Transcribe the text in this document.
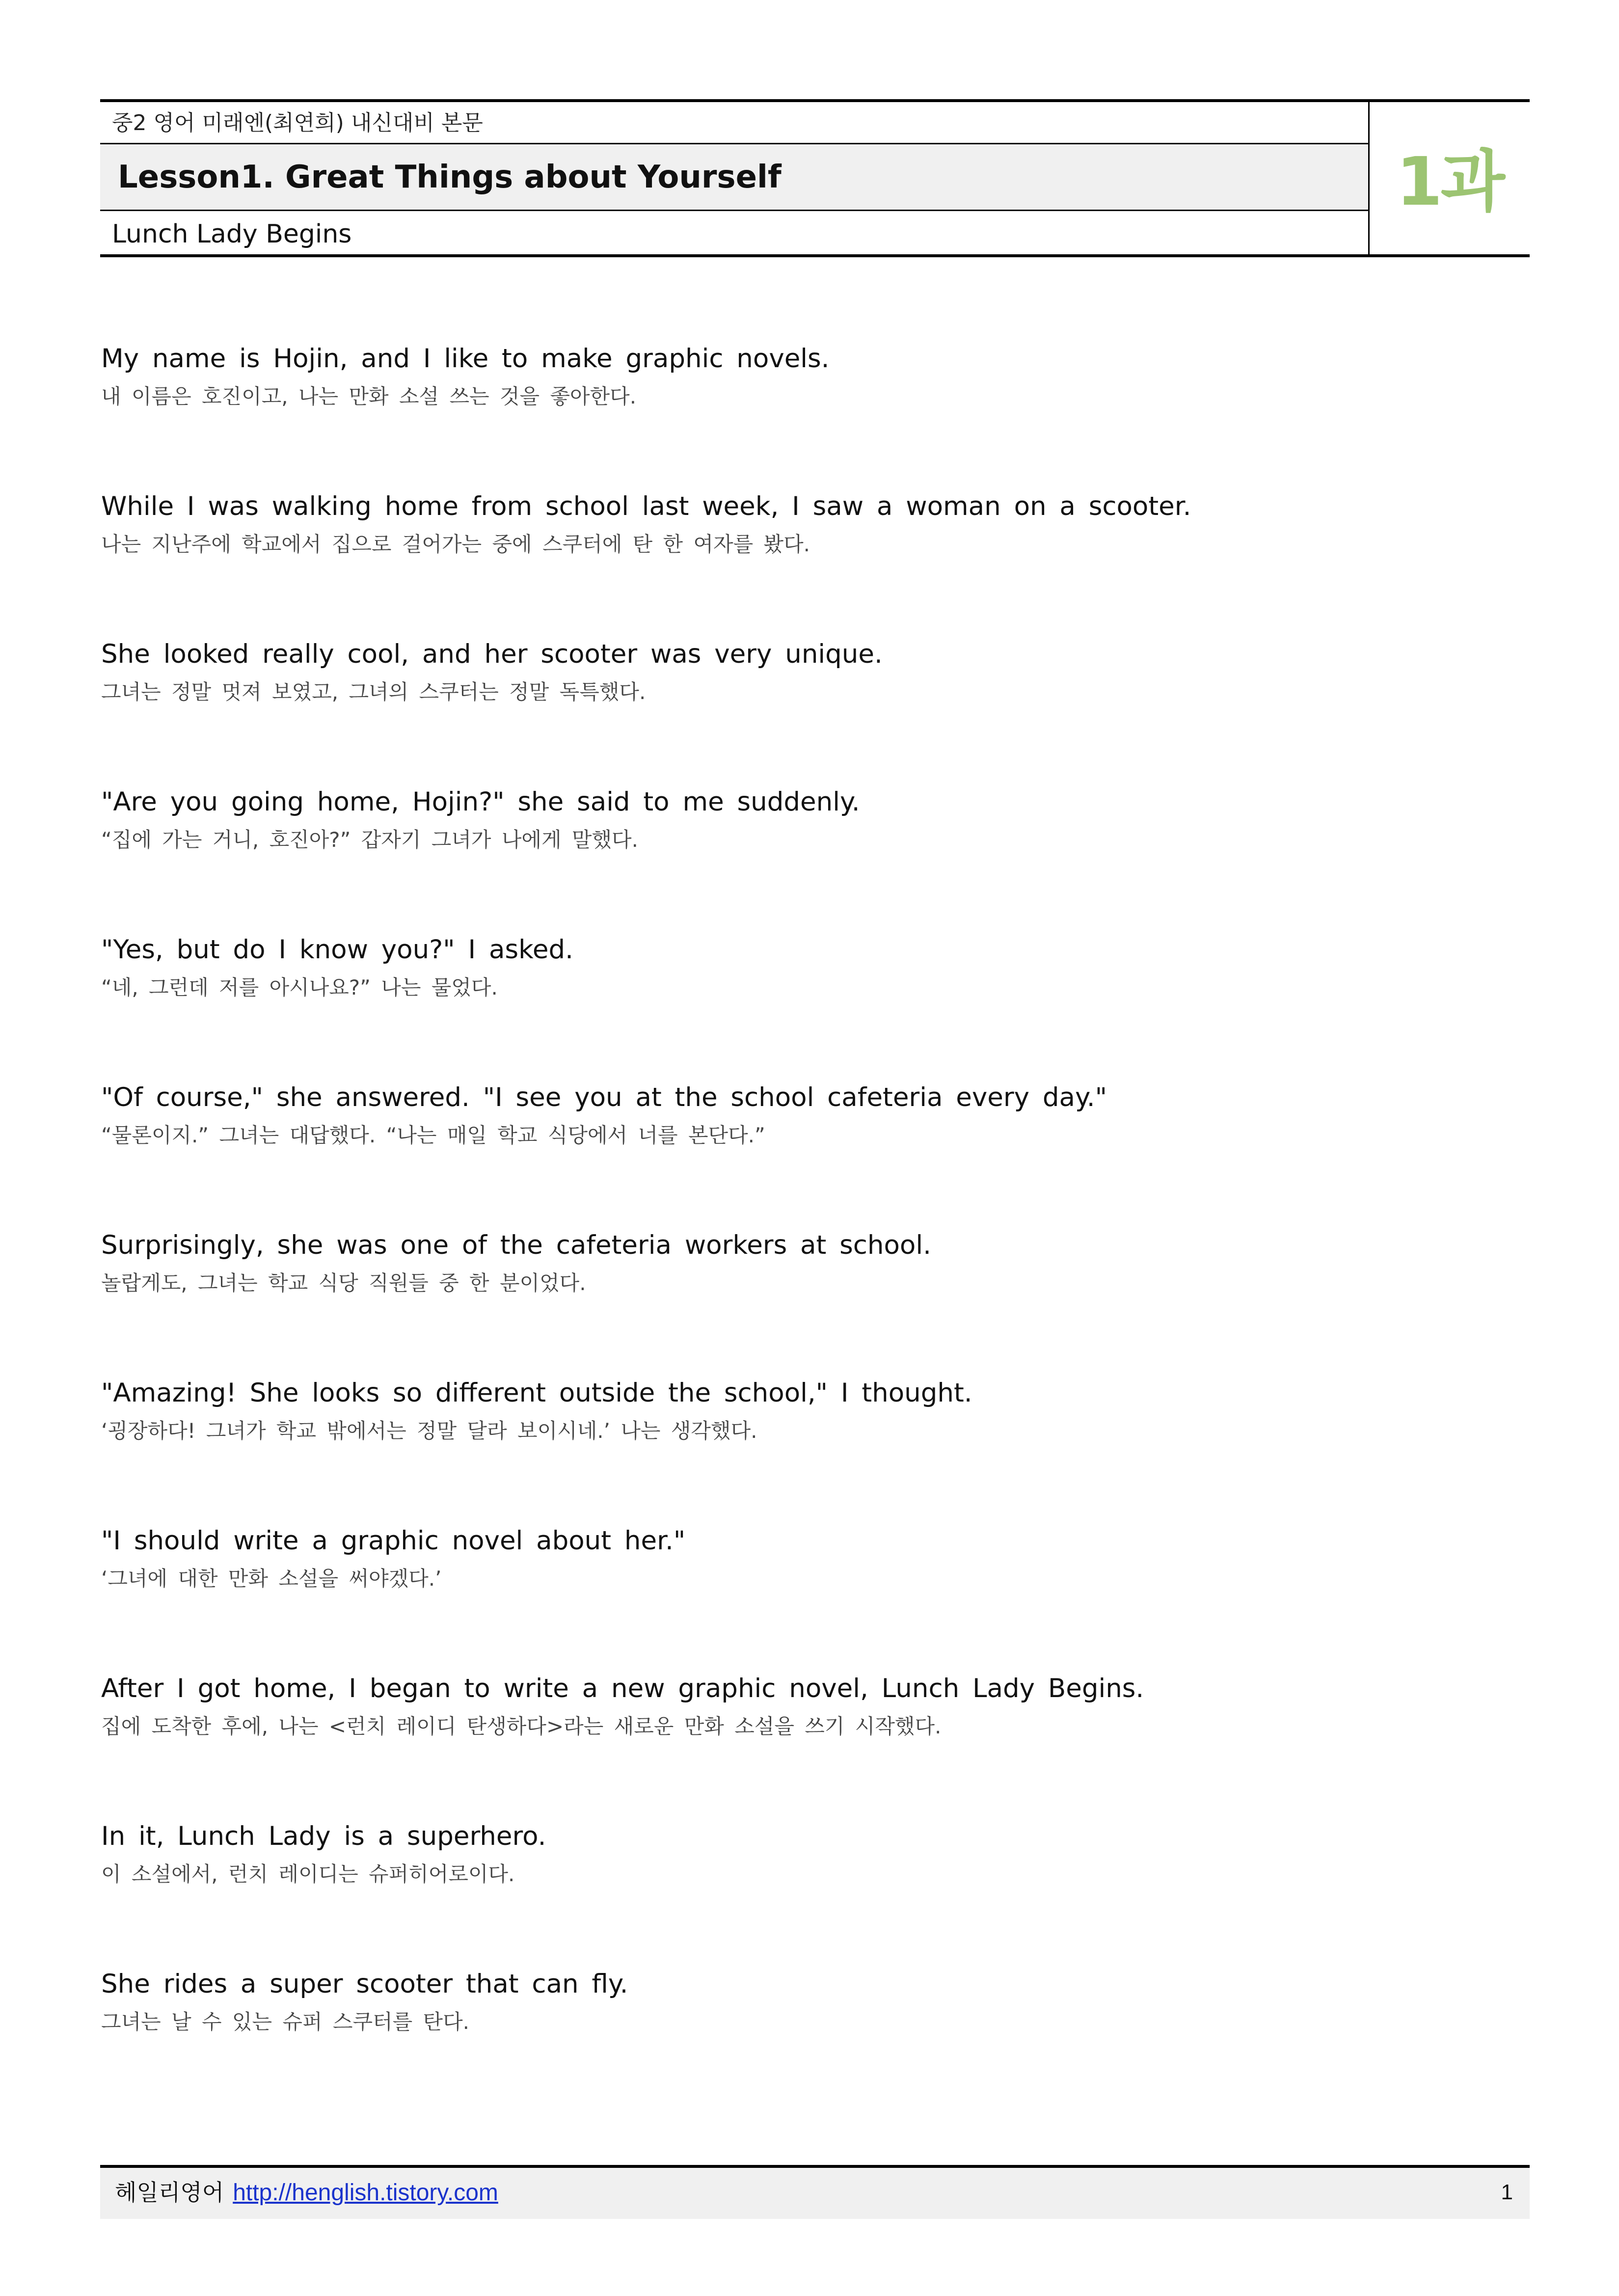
중2 영어 미래엔(최연희) 내신대비 본문
Lesson1. Great Things about Yourself
Lunch Lady Begins
1과
My name is Hojin, and I like to make graphic novels.
내 이름은 호진이고, 나는 만화 소설 쓰는 것을 좋아한다.
While I was walking home from school last week, I saw a woman on a scooter.
나는 지난주에 학교에서 집으로 걸어가는 중에 스쿠터에 탄 한 여자를 봤다.
She looked really cool, and her scooter was very unique.
그녀는 정말 멋져 보였고, 그녀의 스쿠터는 정말 독특했다.
"Are you going home, Hojin?" she said to me suddenly.
“집에 가는 거니, 호진아?” 갑자기 그녀가 나에게 말했다.
"Yes, but do I know you?" I asked.
“네, 그런데 저를 아시나요?” 나는 물었다.
"Of course," she answered. "I see you at the school cafeteria every day."
“물론이지.” 그녀는 대답했다. “나는 매일 학교 식당에서 너를 본단다.”
Surprisingly, she was one of the cafeteria workers at school.
놀랍게도, 그녀는 학교 식당 직원들 중 한 분이었다.
"Amazing! She looks so different outside the school," I thought.
‘굉장하다! 그녀가 학교 밖에서는 정말 달라 보이시네.’ 나는 생각했다.
"I should write a graphic novel about her."
‘그녀에 대한 만화 소설을 써야겠다.’
After I got home, I began to write a new graphic novel, Lunch Lady Begins.
집에 도착한 후에, 나는 <런치 레이디 탄생하다>라는 새로운 만화 소설을 쓰기 시작했다.
In it, Lunch Lady is a superhero.
이 소설에서, 런치 레이디는 슈퍼히어로이다.
She rides a super scooter that can fly.
그녀는 날 수 있는 슈퍼 스쿠터를 탄다.
헤일리영어 http://henglish.tistory.com	1
